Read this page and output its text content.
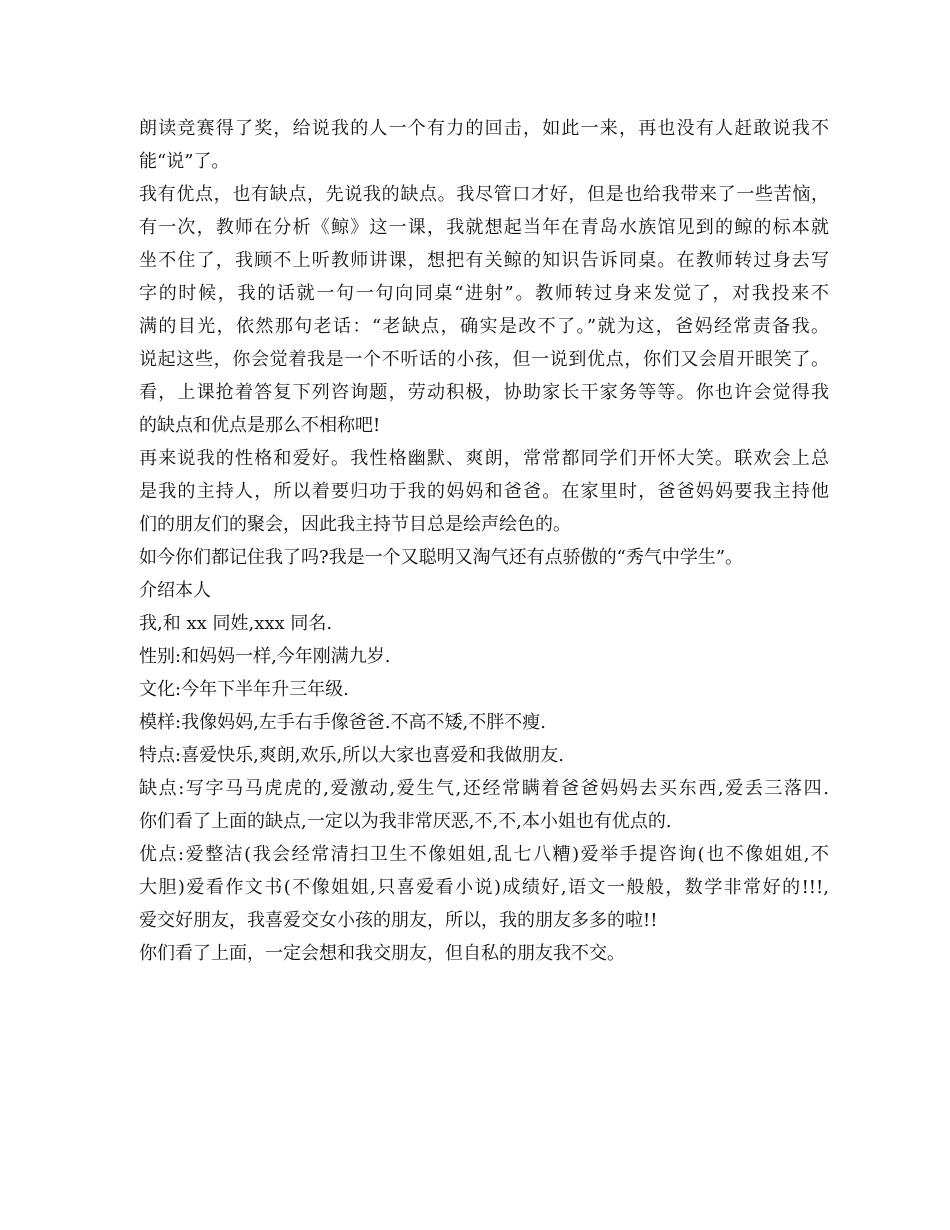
朗读竞赛得了奖，给说我的人一个有力的回击，如此一来，再也没有人赶敢说我不

能“说”了。

我有优点，也有缺点，先说我的缺点。我尽管口才好，但是也给我带来了一些苦恼，

有一次，教师在分析《鲸》这一课，我就想起当年在青岛水族馆见到的鲸的标本就

坐不住了，我顾不上听教师讲课，想把有关鲸的知识告诉同桌。在教师转过身去写

字的时候，我的话就一句一句向同桌“进射”。教师转过身来发觉了，对我投来不

满的目光，依然那句老话：“老缺点，确实是改不了。”就为这，爸妈经常责备我。

说起这些，你会觉着我是一个不听话的小孩，但一说到优点，你们又会眉开眼笑了。

看，上课抢着答复下列咨询题，劳动积极，协助家长干家务等等。你也许会觉得我

的缺点和优点是那么不相称吧!

再来说我的性格和爱好。我性格幽默、爽朗，常常都同学们开怀大笑。联欢会上总

是我的主持人，所以着要归功于我的妈妈和爸爸。在家里时，爸爸妈妈要我主持他

们的朋友们的聚会，因此我主持节目总是绘声绘色的。

如今你们都记住我了吗?我是一个又聪明又淘气还有点骄傲的“秀气中学生”。

介绍本人

我,和 xx 同姓,xxx 同名.

性别:和妈妈一样,今年刚满九岁.

文化:今年下半年升三年级.

模样:我像妈妈,左手右手像爸爸.不高不矮,不胖不瘦.

特点:喜爱快乐,爽朗,欢乐,所以大家也喜爱和我做朋友.

缺点:写字马马虎虎的,爱激动,爱生气,还经常瞒着爸爸妈妈去买东西,爱丢三落四.

你们看了上面的缺点,一定以为我非常厌恶,不,不,本小姐也有优点的.

优点:爱整洁(我会经常清扫卫生不像姐姐,乱七八糟)爱举手提咨询(也不像姐姐,不

大胆)爱看作文书(不像姐姐,只喜爱看小说)成绩好,语文一般般，数学非常好的!!!,

爱交好朋友，我喜爱交女小孩的朋友，所以，我的朋友多多的啦!!

你们看了上面，一定会想和我交朋友，但自私的朋友我不交。
